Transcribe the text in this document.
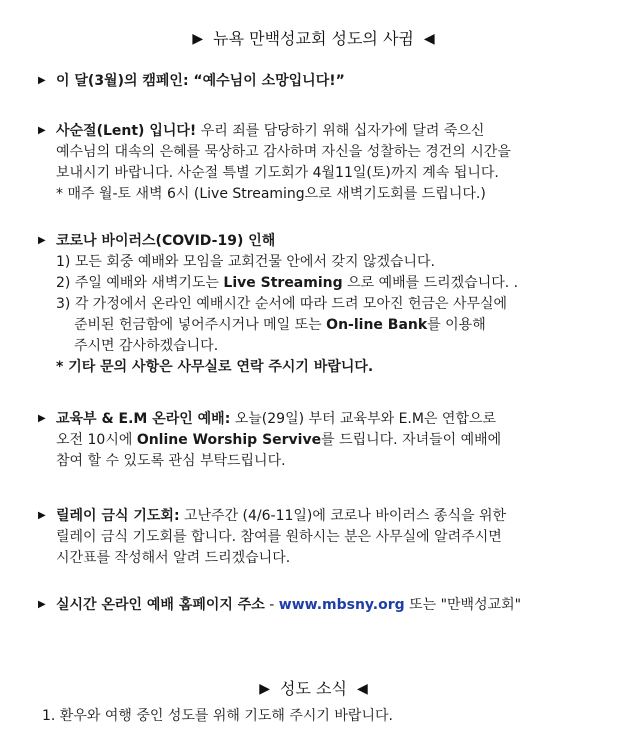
▶ 뉴욕 만백성교회 성도의 사귐 ◀
▶ 이 달(3월)의 캠페인: “예수님이 소망입니다!”
▶ 사순절(Lent) 입니다! 우리 죄를 담당하기 위해 십자가에 달려 죽으신
예수님의 대속의 은혜를 묵상하고 감사하며 자신을 성찰하는 경건의 시간을
보내시기 바랍니다. 사순절 특별 기도회가 4월11일(토)까지 계속 됩니다.
* 매주 월-토 새벽 6시 (Live Streaming으로 새벽기도회를 드립니다.)
▶ 코로나 바이러스(COVID-19) 인해
1) 모든 회중 예배와 모임을 교회건물 안에서 갖지 않겠습니다.
2) 주일 예배와 새벽기도는 Live Streaming 으로 예배를 드리겠습니다. .
3) 각 가정에서 온라인 예배시간 순서에 따라 드려 모아진 헌금은 사무실에
준비된 헌금함에 넣어주시거나 메일 또는 On-line Bank를 이용해
주시면 감사하겠습니다.
* 기타 문의 사항은 사무실로 연락 주시기 바랍니다.
▶ 교육부 & E.M 온라인 예배: 오늘(29일) 부터 교육부와 E.M은 연합으로
오전 10시에 Online Worship Servive를 드립니다. 자녀들이 예배에
참여 할 수 있도록 관심 부탁드립니다.
▶ 릴레이 금식 기도회: 고난주간 (4/6-11일)에 코로나 바이러스 종식을 위한
릴레이 금식 기도회를 합니다. 참여를 원하시는 분은 사무실에 알려주시면
시간표를 작성해서 알려 드리겠습니다.
▶ 실시간 온라인 예배 홈페이지 주소 - www.mbsny.org 또는 "만백성교회"
▶ 성도 소식 ◀
1. 환우와 여행 중인 성도를 위해 기도해 주시기 바랍니다.
